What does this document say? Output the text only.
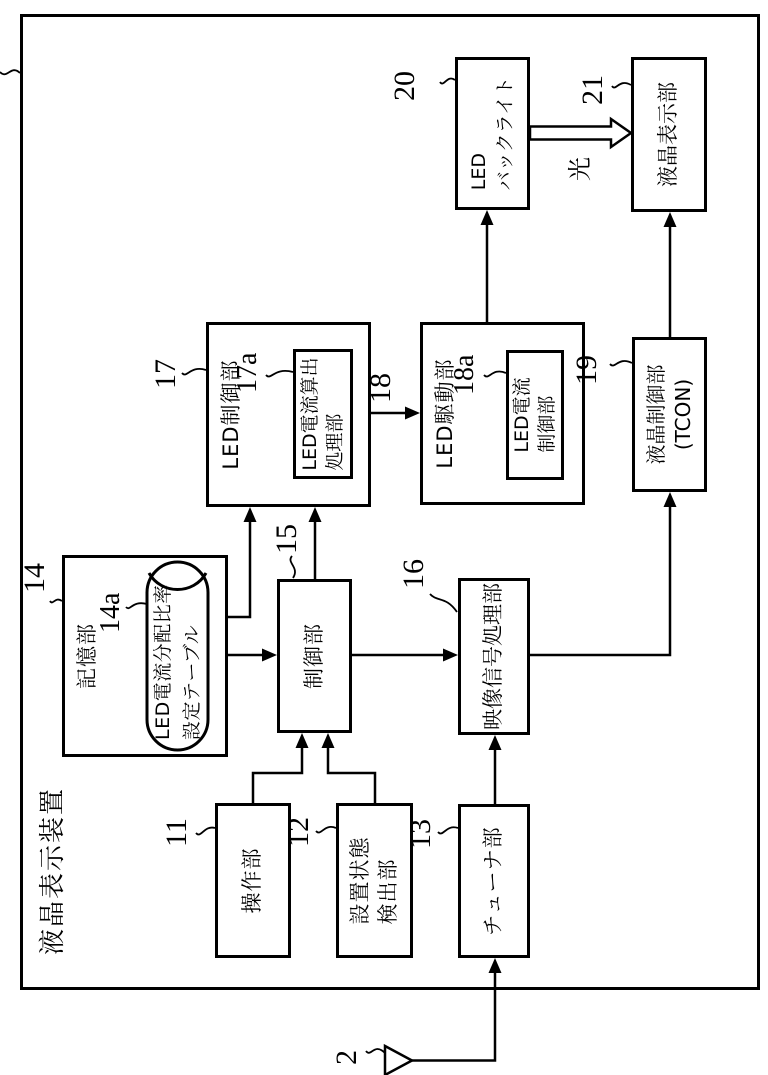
液晶表示装置	操作部	設置状態
検出部	チューナ部
記憶部	LED電流分配比率
設定テーブル	制御部	映像信号処理部
LED制御部	LED電流算出
処理部	LED駆動部	LED電流
制御部	液晶制御部
(TCON)
LED
バックライト	液晶表示部
2
11	12	13
14
14a
15
16
17 17a	18 18a	19
20	21
光
